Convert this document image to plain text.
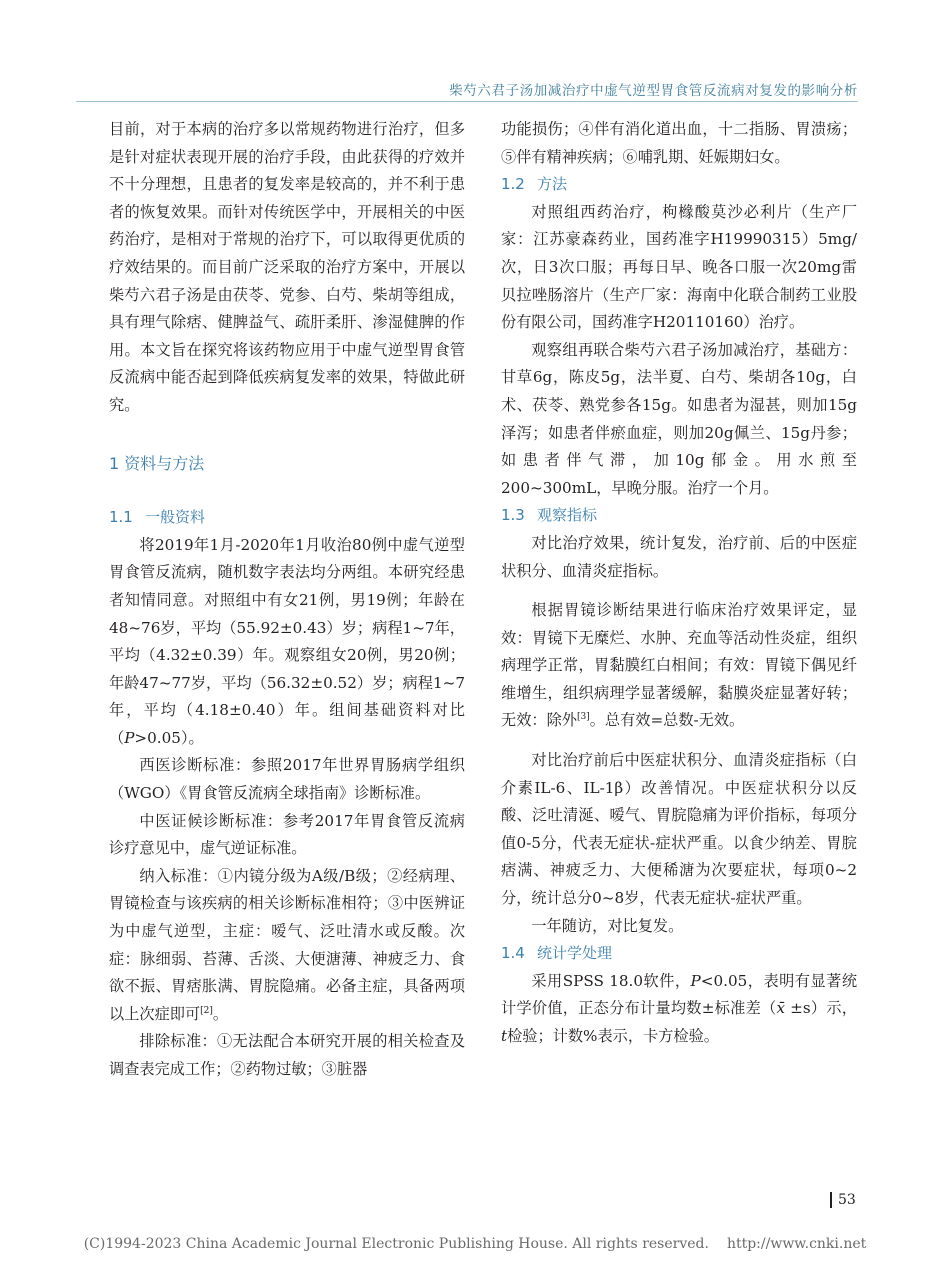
柴芍六君子汤加减治疗中虚气逆型胃食管反流病对复发的影响分析

目前，对于本病的治疗多以常规药物进行治疗，但多是针对症状表现开展的治疗手段，由此获得的疗效并不十分理想，且患者的复发率是较高的，并不利于患者的恢复效果。而针对传统医学中，开展相关的中医药治疗，是相对于常规的治疗下，可以取得更优质的疗效结果的。而目前广泛采取的治疗方案中，开展以柴芍六君子汤是由茯苓、党参、白芍、柴胡等组成，具有理气除痞、健脾益气、疏肝柔肝、渗湿健脾的作用。本文旨在探究将该药物应用于中虚气逆型胃食管反流病中能否起到降低疾病复发率的效果，特做此研究。

1 资料与方法
1.1 一般资料

将2019年1月-2020年1月收治80例中虚气逆型胃食管反流病，随机数字表法均分两组。本研究经患者知情同意。对照组中有女21例，男19例；年龄在48~76岁，平均（55.92±0.43）岁；病程1~7年，平均（4.32±0.39）年。观察组女20例，男20例；年龄47~77岁，平均（56.32±0.52）岁；病程1~7年，平均（4.18±0.40）年。组间基础资料对比（P>0.05）。

西医诊断标准：参照2017年世界胃肠病学组织（WGO）《胃食管反流病全球指南》诊断标准。

中医证候诊断标准：参考2017年胃食管反流病诊疗意见中，虚气逆证标准。

纳入标准：①内镜分级为A级/B级；②经病理、胃镜检查与该疾病的相关诊断标准相符；③中医辨证为中虚气逆型，主症：嗳气、泛吐清水或反酸。次症：脉细弱、苔薄、舌淡、大便溏薄、神疲乏力、食欲不振、胃痞胀满、胃脘隐痛。必备主症，具备两项以上次症即可[2]。

排除标准：①无法配合本研究开展的相关检查及调查表完成工作；②药物过敏；③脏器

功能损伤；④伴有消化道出血，十二指肠、胃溃疡；⑤伴有精神疾病；⑥哺乳期、妊娠期妇女。

1.2 方法

对照组西药治疗，枸橼酸莫沙必利片（生产厂家：江苏豪森药业，国药准字H19990315）5mg/次，日3次口服；再每日早、晚各口服一次20mg雷贝拉唑肠溶片（生产厂家：海南中化联合制药工业股份有限公司，国药准字H20110160）治疗。

观察组再联合柴芍六君子汤加减治疗，基础方：甘草6g，陈皮5g，法半夏、白芍、柴胡各10g，白术、茯苓、熟党参各15g。如患者为湿甚，则加15g泽泻；如患者伴瘀血症，则加20g佩兰、15g丹参；如患者伴气滞，加10g郁金。用水煎至200~300mL，早晚分服。治疗一个月。

1.3 观察指标

对比治疗效果，统计复发，治疗前、后的中医症状积分、血清炎症指标。

根据胃镜诊断结果进行临床治疗效果评定，显效：胃镜下无糜烂、水肿、充血等活动性炎症，组织病理学正常，胃黏膜红白相间；有效：胃镜下偶见纤维增生，组织病理学显著缓解，黏膜炎症显著好转；无效：除外[3]。总有效=总数-无效。

对比治疗前后中医症状积分、血清炎症指标（白介素IL-6、IL-1β）改善情况。中医症状积分以反酸、泛吐清涎、嗳气、胃脘隐痛为评价指标，每项分值0-5分，代表无症状-症状严重。以食少纳差、胃脘痞满、神疲乏力、大便稀溏为次要症状，每项0~2分，统计总分0~8岁，代表无症状-症状严重。

一年随访，对比复发。

1.4 统计学处理

采用SPSS 18.0软件，P<0.05，表明有显著统计学价值，正态分布计量均数±标准差（x̄ ±s）示，t检验；计数%表示，卡方检验。

53
(C)1994-2023 China Academic Journal Electronic Publishing House. All rights reserved. http://www.cnki.net
